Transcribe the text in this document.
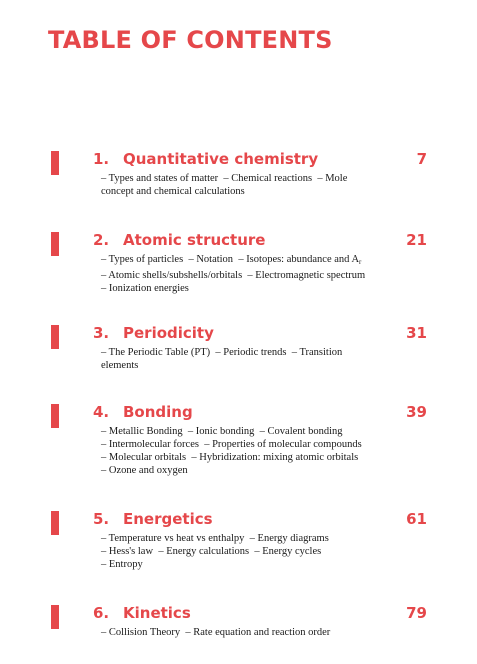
TABLE OF CONTENTS
1. Quantitative chemistry	7

– Types and states of matter – Chemical reactions – Mole concept and chemical calculations

2. Atomic structure	21

– Types of particles – Notation – Isotopes: abundance and $A_r$
– Atomic shells/subshells/orbitals – Electromagnetic spectrum  – Ionization energies

3. Periodicity	31

– The Periodic Table (PT) – Periodic trends – Transition elements

4. Bonding	39

– Metallic Bonding – Ionic bonding – Covalent bonding
– Intermolecular forces – Properties of molecular compounds
– Molecular orbitals – Hybridization: mixing atomic orbitals
– Ozone and oxygen

5. Energetics	61

– Temperature vs heat vs enthalpy – Energy diagrams
– Hess's law – Energy calculations – Energy cycles
– Entropy

6. Kinetics	79

– Collision Theory – Rate equation and reaction order
